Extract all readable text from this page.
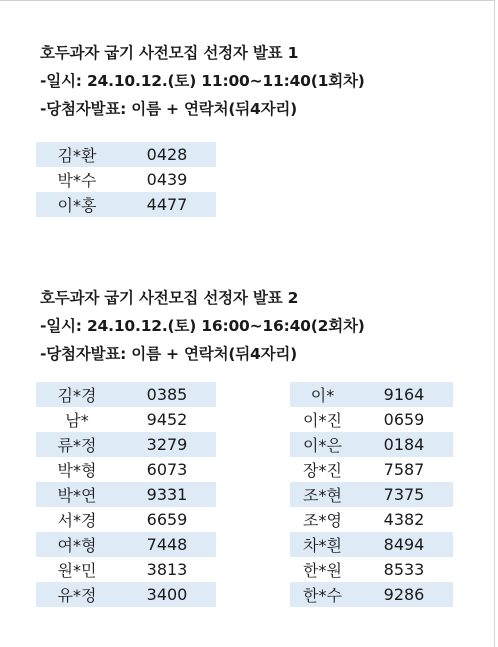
호두과자 굽기 사전모집 선정자 발표 1
-일시: 24.10.12.(토) 11:00~11:40(1회차)
-당첨자발표: 이름 + 연락처(뒤4자리)
김*환	0428
박*수	0439
이*홍	4477
호두과자 굽기 사전모집 선정자 발표 2
-일시: 24.10.12.(토) 16:00~16:40(2회차)
-당첨자발표: 이름 + 연락처(뒤4자리)
김*경	0385
남*	9452
류*정	3279
박*형	6073
박*연	9331
서*경	6659
여*형	7448
원*민	3813
유*정	3400
이*	9164
이*진	0659
이*은	0184
장*진	7587
조*현	7375
조*영	4382
차*흰	8494
한*원	8533
한*수	9286
